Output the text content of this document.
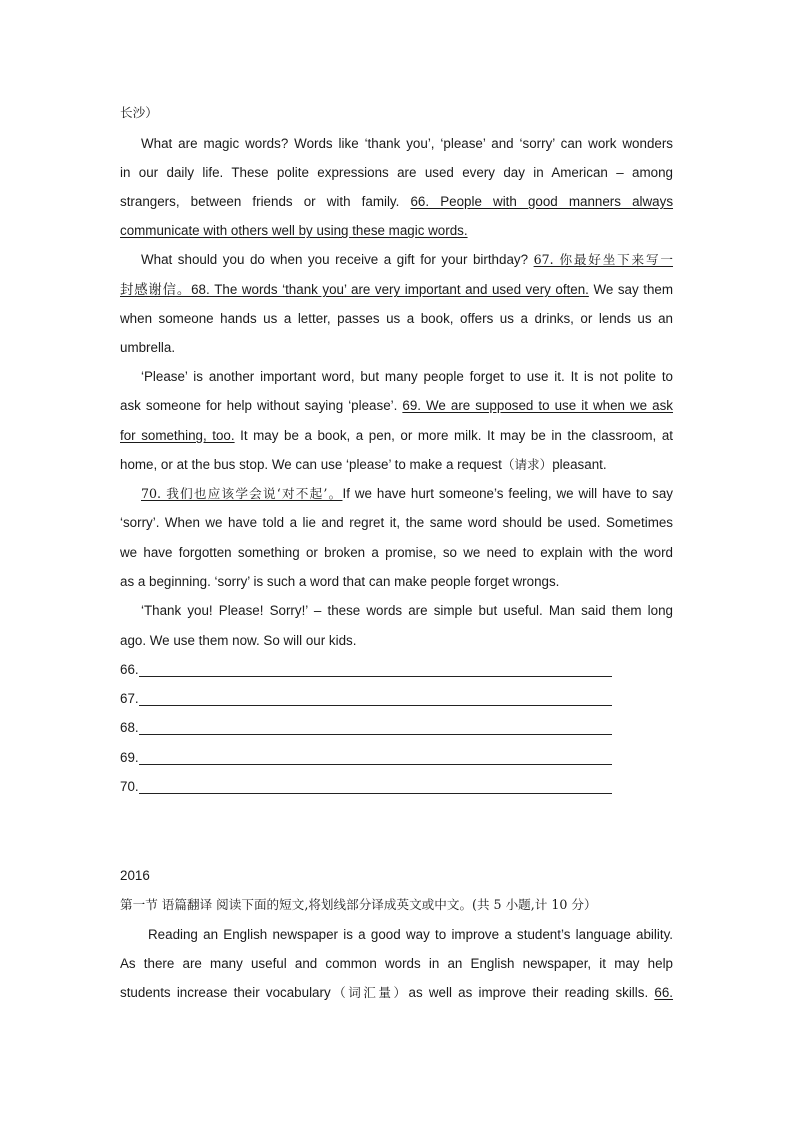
长沙）
What are magic words? Words like ‘thank you’, ‘please’ and ‘sorry’ can work wonders
in our daily life. These polite expressions are used every day in American – among
strangers, between friends or with family. 66. People with good manners always
communicate with others well by using these magic words.
What should you do when you receive a gift for your birthday? 67. 你最好坐下来写一
封感谢信。68. The words ‘thank you’ are very important and used very often. We say them
when someone hands us a letter, passes us a book, offers us a drinks, or lends us an
umbrella.
‘Please’ is another important word, but many people forget to use it. It is not polite to
ask someone for help without saying ‘please’. 69. We are supposed to use it when we ask
for something, too. It may be a book, a pen, or more milk. It may be in the classroom, at
home, or at the bus stop. We can use ‘please’ to make a request（请求）pleasant.
70. 我们也应该学会说‘对不起’。If we have hurt someone’s feeling, we will have to say
‘sorry’. When we have told a lie and regret it, the same word should be used. Sometimes
we have forgotten something or broken a promise, so we need to explain with the word
as a beginning. ‘sorry’ is such a word that can make people forget wrongs.
‘Thank you! Please! Sorry!’ – these words are simple but useful. Man said them long
ago. We use them now. So will our kids.
66.
67.
68.
69.
70.
2016
第一节 语篇翻译 阅读下面的短文,将划线部分译成英文或中文。(共 5 小题,计 10 分）
Reading an English newspaper is a good way to improve a student’s language ability.
As there are many useful and common words in an English newspaper, it may help
students increase their vocabulary（词汇量）as well as improve their reading skills. 66.
